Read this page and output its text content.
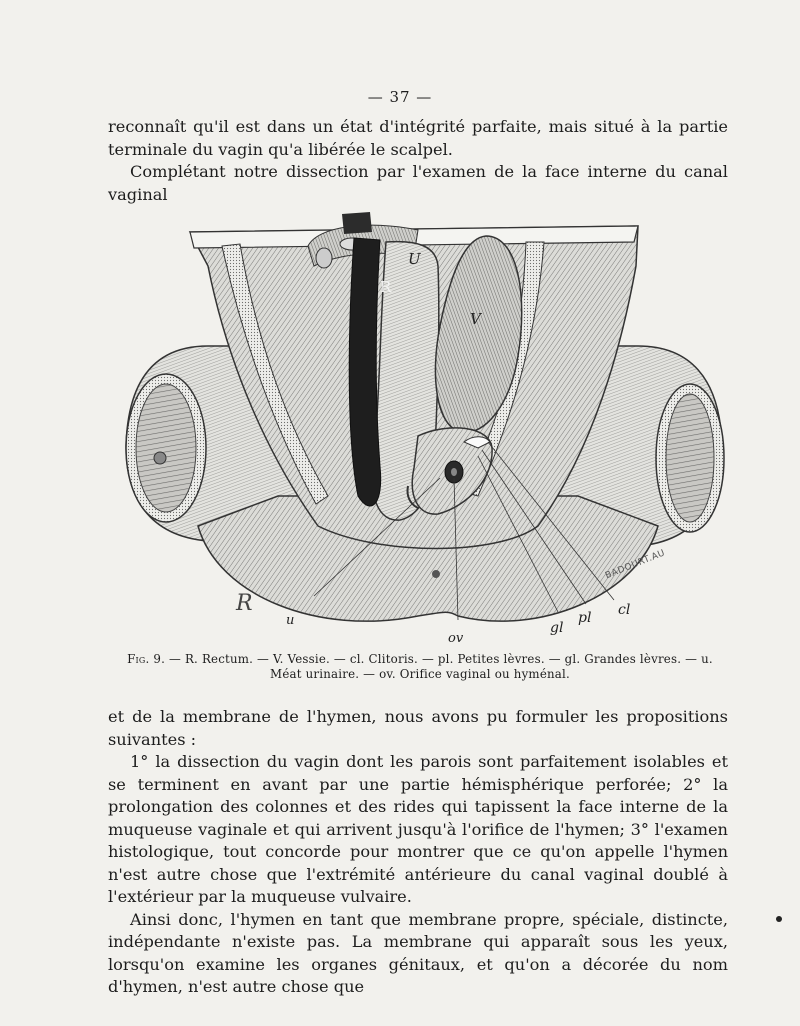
— 37 —

reconnaît qu'il est dans un état d'intégrité parfaite, mais situé à la partie terminale du vagin qu'a libérée le scalpel.

Complétant notre dissection par l'examen de la face interne du canal vaginal

R
U
V
u
ov
gl
pl cl
R
BADOURT.AU
Fig. 9. — R. Rectum. — V. Vessie. — cl. Clitoris. — pl. Petites lèvres. — gl. Grandes lèvres. — u. Méat urinaire. — ov. Orifice vaginal ou hyménal.

et de la membrane de l'hymen, nous avons pu formuler les propositions suivantes :

1° la dissection du vagin dont les parois sont parfaitement isolables et se terminent en avant par une partie hémisphérique perforée; 2° la prolongation des colonnes et des rides qui tapissent la face interne de la muqueuse vaginale et qui arrivent jusqu'à l'orifice de l'hymen; 3° l'examen histologique, tout concorde pour montrer que ce qu'on appelle l'hymen n'est autre chose que l'extrémité antérieure du canal vaginal doublé à l'extérieur par la muqueuse vulvaire.

Ainsi donc, l'hymen en tant que membrane propre, spéciale, distincte, indépendante n'existe pas. La membrane qui apparaît sous les yeux, lorsqu'on examine les organes génitaux, et qu'on a décorée du nom d'hymen, n'est autre chose que
